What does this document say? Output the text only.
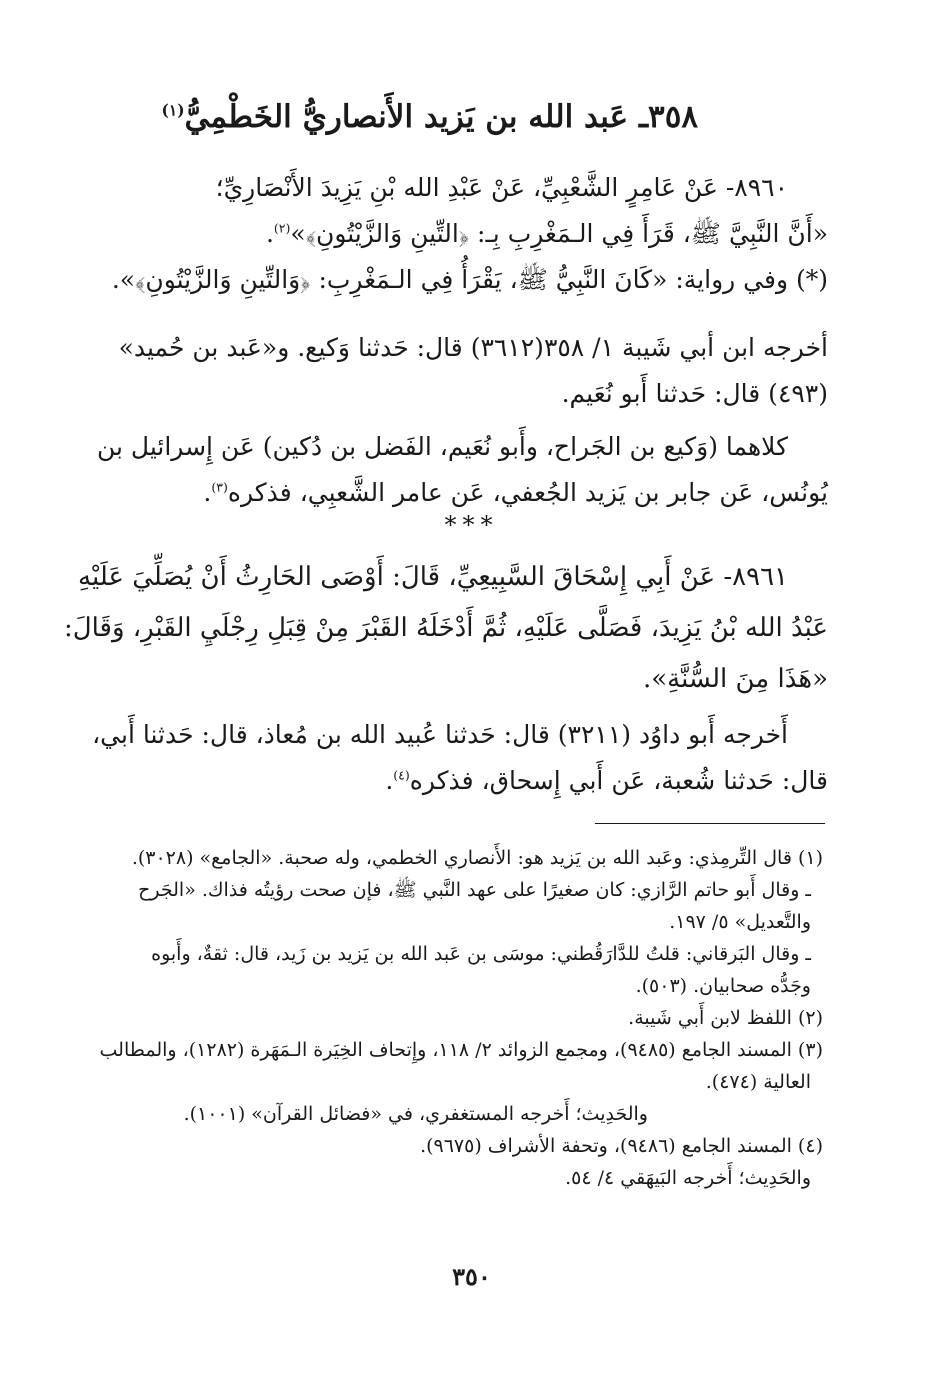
٣٥٨ـ عَبد الله بن يَزيد الأَنصاريُّ الخَطْمِيُّ$^{(١)}$
٨٩٦٠- عَنْ عَامِرٍ الشَّعْبِيِّ، عَنْ عَبْدِ الله بْنِ يَزِيدَ الأَنْصَارِيِّ؛
«أَنَّ النَّبِيَّ ﷺ، قَرَأَ فِي الـمَغْرِبِ بِـ: ﴿التِّينِ وَالزَّيْتُونِ﴾»$^{(٢)}$.
(*) وفي رواية: «كَانَ النَّبِيُّ ﷺ، يَقْرَأُ فِي الـمَغْرِبِ: ﴿وَالتِّينِ وَالزَّيْتُونِ﴾».
أخرجه ابن أبي شَيبة ١/ ٣٥٨(٣٦١٢) قال: حَدثنا وَكيع. و«عَبد بن حُميد»
(٤٩٣) قال: حَدثنا أَبو نُعَيم.
كلاهما (وَكيع بن الجَراح، وأَبو نُعَيم، الفَضل بن دُكين) عَن إِسرائيل بن
يُونُس، عَن جابر بن يَزيد الجُعفي، عَن عامر الشَّعبِي، فذكره$^{(٣)}$.
***
٨٩٦١- عَنْ أَبِي إِسْحَاقَ السَّبِيعِيِّ، قَالَ: أَوْصَى الحَارِثُ أَنْ يُصَلِّيَ عَلَيْهِ
عَبْدُ الله بْنُ يَزِيدَ، فَصَلَّى عَلَيْهِ، ثُمَّ أَدْخَلَهُ القَبْرَ مِنْ قِبَلِ رِجْلَيِ القَبْرِ، وَقَالَ:
«هَذَا مِنَ السُّنَّةِ».
أَخرجه أَبو داوُد (٣٢١١) قال: حَدثنا عُبيد الله بن مُعاذ، قال: حَدثنا أَبي،
قال: حَدثنا شُعبة، عَن أَبي إِسحاق، فذكره$^{(٤)}$.
(١) قال التِّرمِذي: وعَبد الله بن يَزيد هو: الأَنصاري الخطمي، وله صحبة. «الجامع» (٣٠٢٨).
ـ وقال أَبو حاتم الرَّازي: كان صغيرًا على عهد النَّبي ﷺ، فإن صحت رؤيتُه فذاك. «الجَرح
والتَّعديل» ٥/ ١٩٧.
ـ وقال البَرقاني: قلتُ للدَّارَقُطني: موسَى بن عَبد الله بن يَزيد بن زَيد، قال: ثقةٌ، وأَبوه
وجَدُّه صحابيان. (٥٠٣).
(٢) اللفظ لابن أَبي شَيبة.
(٣) المسند الجامع (٩٤٨٥)، ومجمع الزوائد ٢/ ١١٨، وإِتحاف الخِيَرة الـمَهَرة (١٢٨٢)، والمطالب
العالية (٤٧٤).
والحَدِيث؛ أَخرجه المستغفري، في «فضائل القرآن» (١٠٠١).
(٤) المسند الجامع (٩٤٨٦)، وتحفة الأشراف (٩٦٧٥).
والحَدِيث؛ أَخرجه البَيهَقي ٤/ ٥٤.
٣٥٠
